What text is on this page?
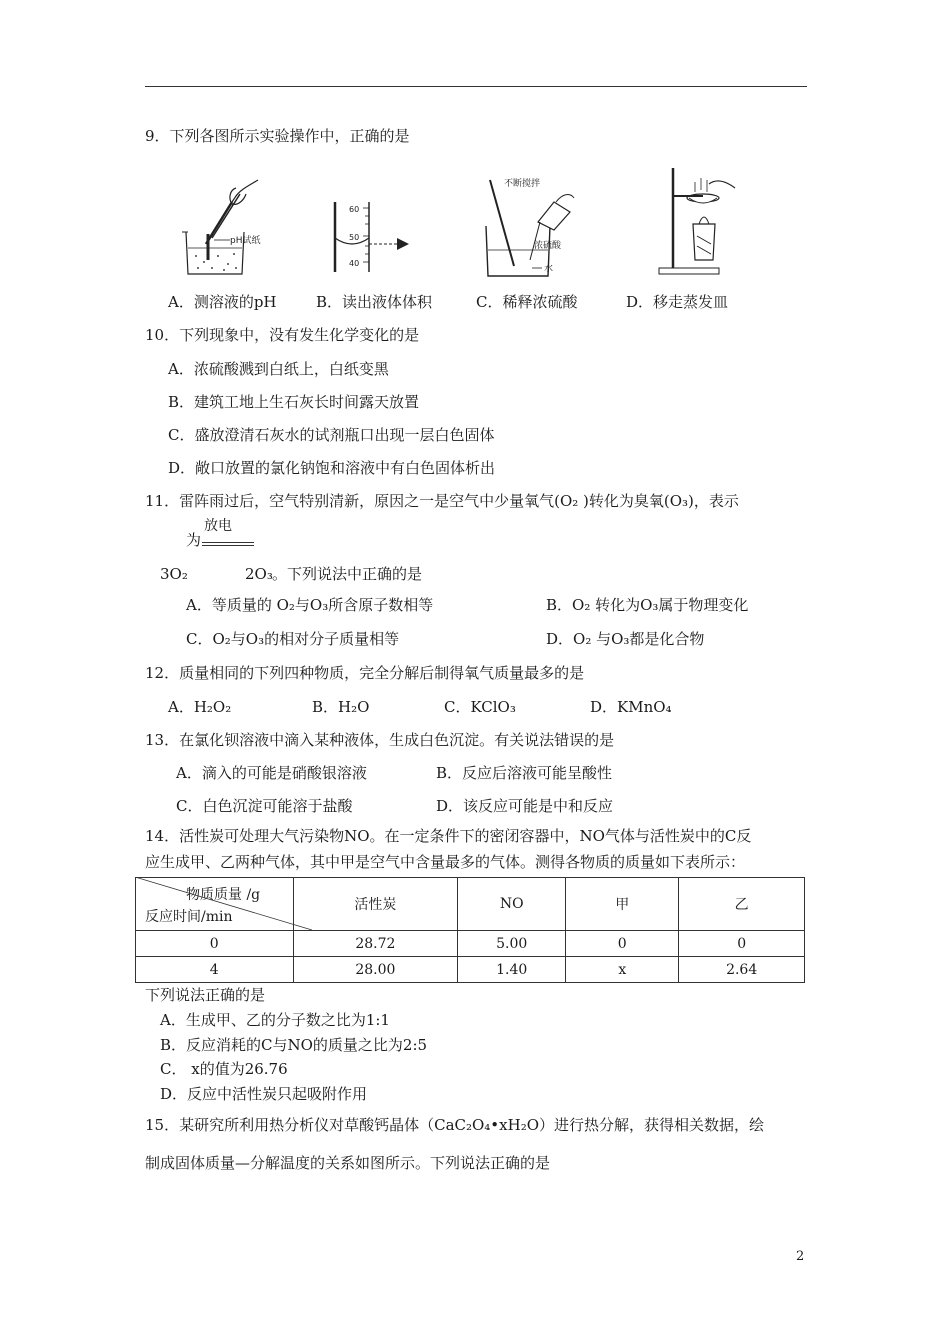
9．下列各图所示实验操作中，正确的是
pH试纸
60
50
40
不断搅拌
浓硫酸
水
A．测溶液的pH	B．读出液体体积	C．稀释浓硫酸	D．移走蒸发皿
10．下列现象中，没有发生化学变化的是
A．浓硫酸溅到白纸上，白纸变黑
B．建筑工地上生石灰长时间露天放置
C．盛放澄清石灰水的试剂瓶口出现一层白色固体
D．敞口放置的氯化钠饱和溶液中有白色固体析出
11．雷阵雨过后，空气特别清新，原因之一是空气中少量氧气(O₂ )转化为臭氧(O₃)，表示
放电
为
3O₂	2O₃ 。下列说法中正确的是
A．等质量的 O₂与O₃所含原子数相等	B．O₂ 转化为O₃属于物理变化
C．O₂与O₃的相对分子质量相等	D．O₂ 与O₃都是化合物
12．质量相同的下列四种物质，完全分解后制得氧气质量最多的是
A．H₂O₂	B．H₂O	C．KClO₃	D．KMnO₄
13．在氯化钡溶液中滴入某种液体，生成白色沉淀。有关说法错误的是
A．滴入的可能是硝酸银溶液	B．反应后溶液可能呈酸性
C．白色沉淀可能溶于盐酸	D．该反应可能是中和反应
14．活性炭可处理大气污染物NO。在一定条件下的密闭容器中，NO气体与活性炭中的C反
应生成甲、乙两种气体，其中甲是空气中含量最多的气体。测得各物质的质量如下表所示：
物质质量 /g
反应时间/min	活性炭	NO	甲	乙
0	28.72	5.00	0	0
4	28.00	1.40	x	2.64
下列说法正确的是
A．生成甲、乙的分子数之比为1:1
B．反应消耗的C与NO的质量之比为2:5
C． x的值为26.76
D．反应中活性炭只起吸附作用
15．某研究所利用热分析仪对草酸钙晶体（CaC₂O₄•xH₂O）进行热分解，获得相关数据，绘
制成固体质量—分解温度的关系如图所示。下列说法正确的是
2
